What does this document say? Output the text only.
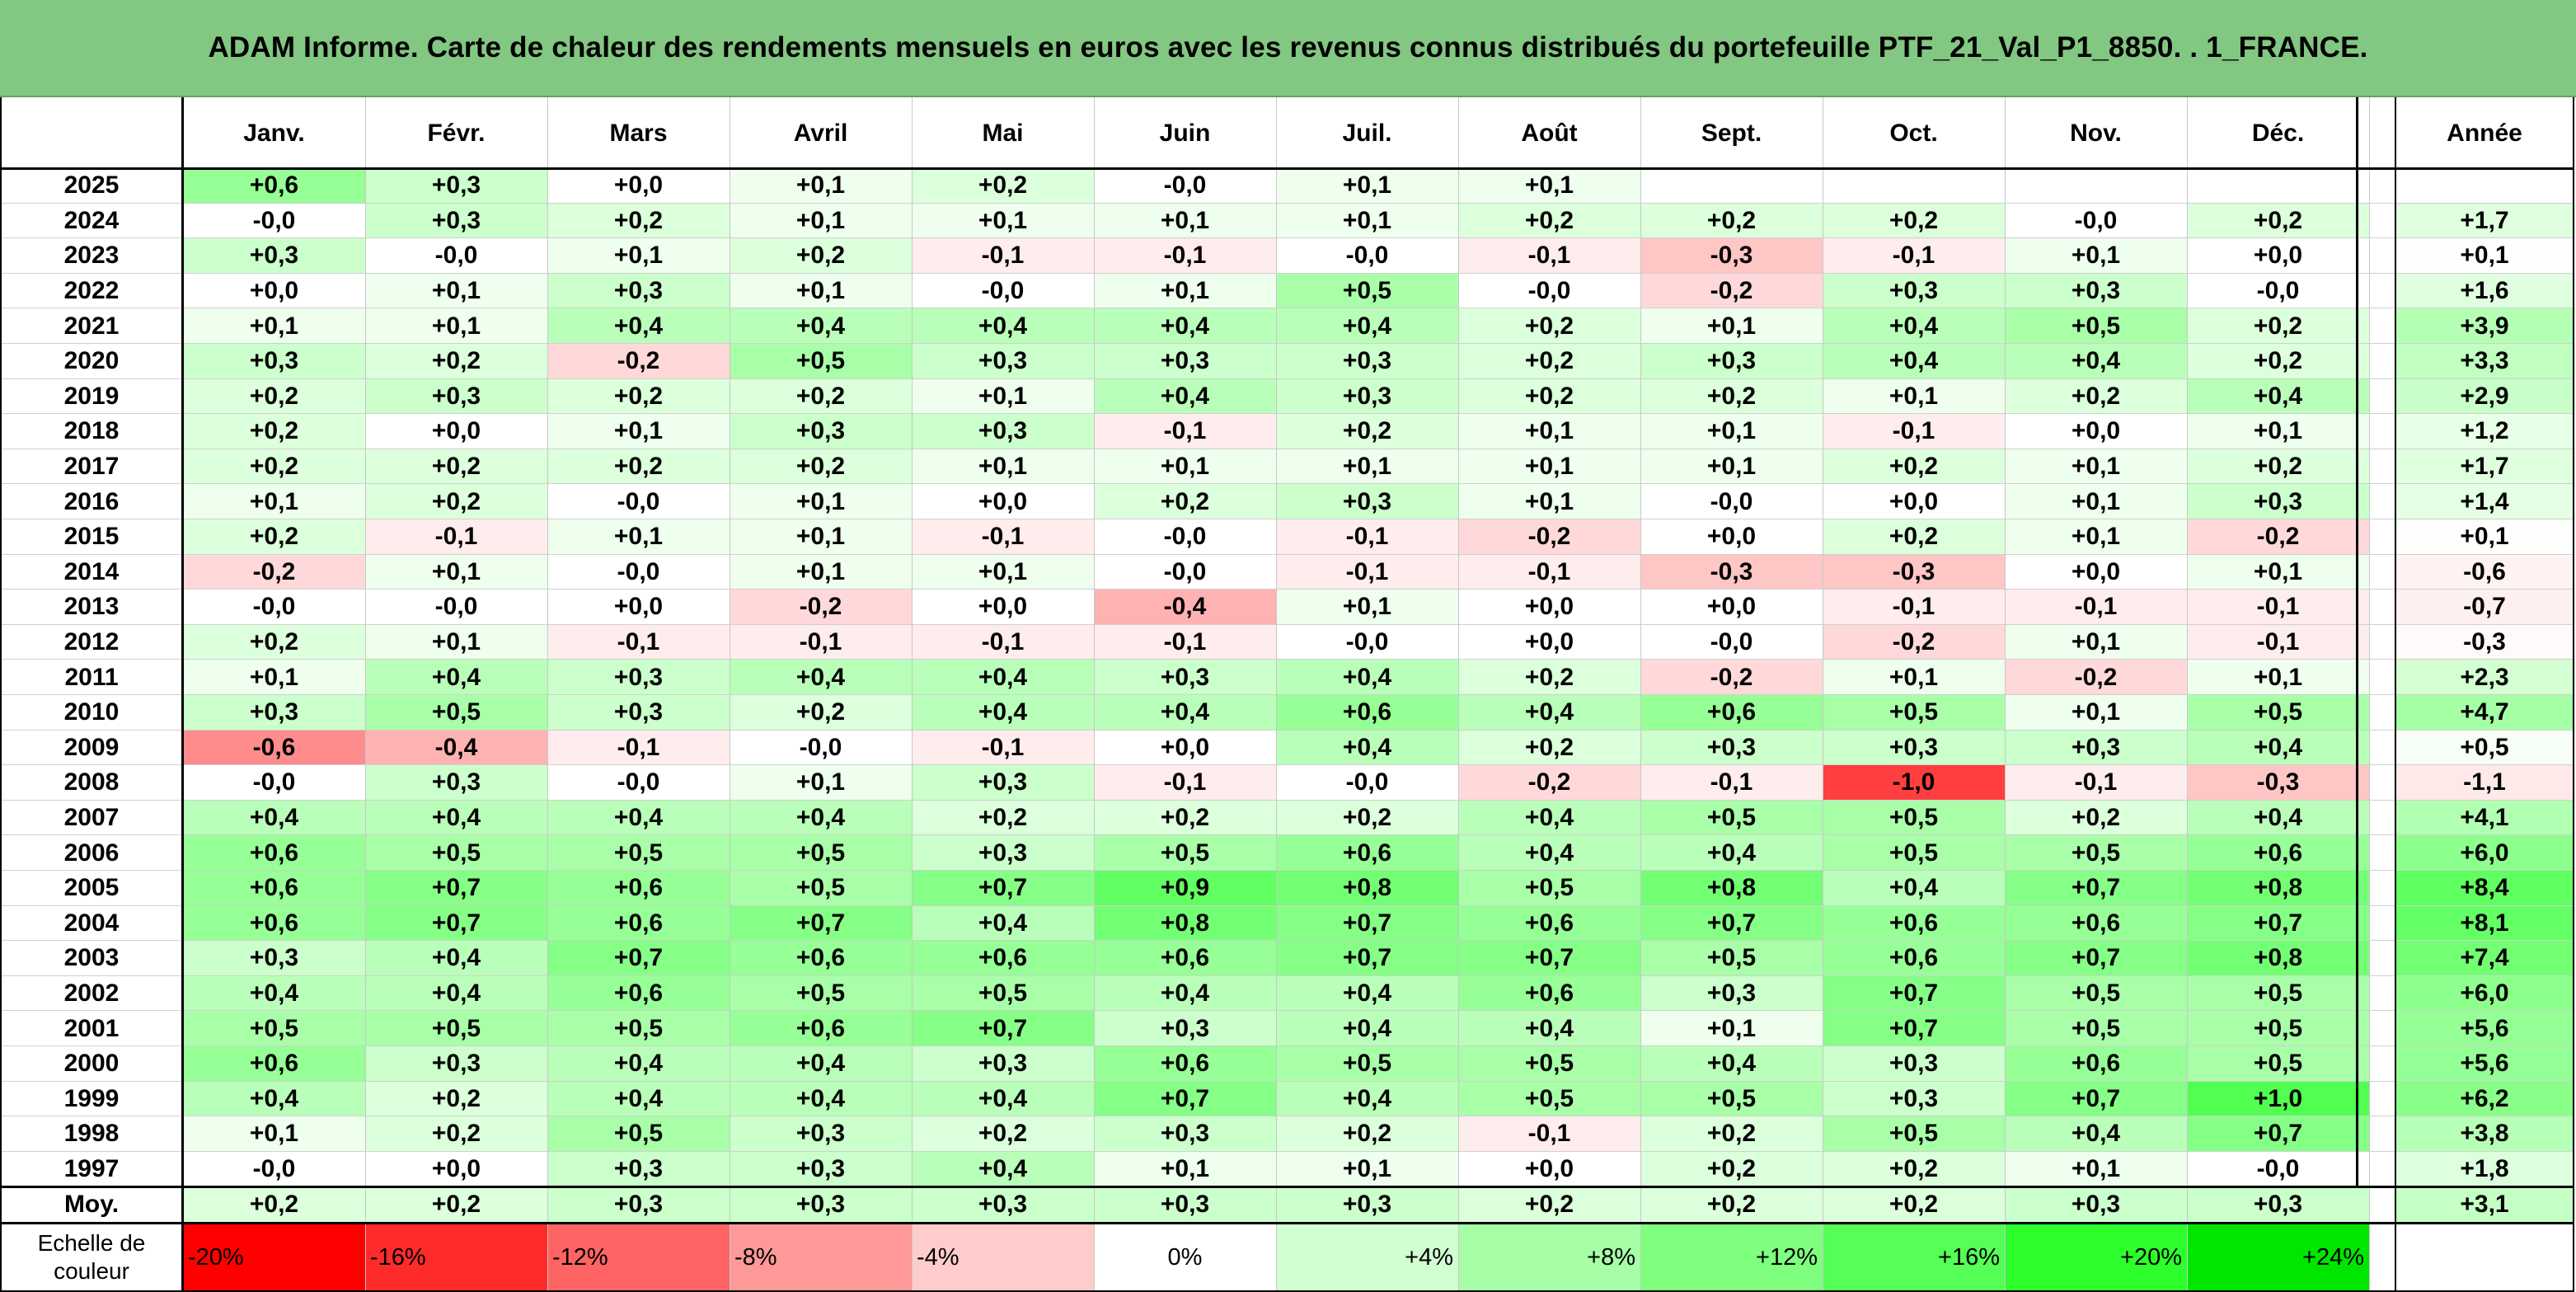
ADAM Informe. Carte de chaleur des rendements mensuels en euros avec les revenus connus distribués du portefeuille PTF_21_Val_P1_8850. . 1_FRANCE.
Janv.	Févr.	Mars	Avril	Mai	Juin	Juil.	Août	Sept.	Oct.	Nov.	Déc.	Année
2025	+0,6	+0,3	+0,0	+0,1	+0,2	-0,0	+0,1	+0,1
2024	-0,0	+0,3	+0,2	+0,1	+0,1	+0,1	+0,1	+0,2	+0,2	+0,2	-0,0	+0,2	+1,7
2023	+0,3	-0,0	+0,1	+0,2	-0,1	-0,1	-0,0	-0,1	-0,3	-0,1	+0,1	+0,0	+0,1
2022	+0,0	+0,1	+0,3	+0,1	-0,0	+0,1	+0,5	-0,0	-0,2	+0,3	+0,3	-0,0	+1,6
2021	+0,1	+0,1	+0,4	+0,4	+0,4	+0,4	+0,4	+0,2	+0,1	+0,4	+0,5	+0,2	+3,9
2020	+0,3	+0,2	-0,2	+0,5	+0,3	+0,3	+0,3	+0,2	+0,3	+0,4	+0,4	+0,2	+3,3
2019	+0,2	+0,3	+0,2	+0,2	+0,1	+0,4	+0,3	+0,2	+0,2	+0,1	+0,2	+0,4	+2,9
2018	+0,2	+0,0	+0,1	+0,3	+0,3	-0,1	+0,2	+0,1	+0,1	-0,1	+0,0	+0,1	+1,2
2017	+0,2	+0,2	+0,2	+0,2	+0,1	+0,1	+0,1	+0,1	+0,1	+0,2	+0,1	+0,2	+1,7
2016	+0,1	+0,2	-0,0	+0,1	+0,0	+0,2	+0,3	+0,1	-0,0	+0,0	+0,1	+0,3	+1,4
2015	+0,2	-0,1	+0,1	+0,1	-0,1	-0,0	-0,1	-0,2	+0,0	+0,2	+0,1	-0,2	+0,1
2014	-0,2	+0,1	-0,0	+0,1	+0,1	-0,0	-0,1	-0,1	-0,3	-0,3	+0,0	+0,1	-0,6
2013	-0,0	-0,0	+0,0	-0,2	+0,0	-0,4	+0,1	+0,0	+0,0	-0,1	-0,1	-0,1	-0,7
2012	+0,2	+0,1	-0,1	-0,1	-0,1	-0,1	-0,0	+0,0	-0,0	-0,2	+0,1	-0,1	-0,3
2011	+0,1	+0,4	+0,3	+0,4	+0,4	+0,3	+0,4	+0,2	-0,2	+0,1	-0,2	+0,1	+2,3
2010	+0,3	+0,5	+0,3	+0,2	+0,4	+0,4	+0,6	+0,4	+0,6	+0,5	+0,1	+0,5	+4,7
2009	-0,6	-0,4	-0,1	-0,0	-0,1	+0,0	+0,4	+0,2	+0,3	+0,3	+0,3	+0,4	+0,5
2008	-0,0	+0,3	-0,0	+0,1	+0,3	-0,1	-0,0	-0,2	-0,1	-1,0	-0,1	-0,3	-1,1
2007	+0,4	+0,4	+0,4	+0,4	+0,2	+0,2	+0,2	+0,4	+0,5	+0,5	+0,2	+0,4	+4,1
2006	+0,6	+0,5	+0,5	+0,5	+0,3	+0,5	+0,6	+0,4	+0,4	+0,5	+0,5	+0,6	+6,0
2005	+0,6	+0,7	+0,6	+0,5	+0,7	+0,9	+0,8	+0,5	+0,8	+0,4	+0,7	+0,8	+8,4
2004	+0,6	+0,7	+0,6	+0,7	+0,4	+0,8	+0,7	+0,6	+0,7	+0,6	+0,6	+0,7	+8,1
2003	+0,3	+0,4	+0,7	+0,6	+0,6	+0,6	+0,7	+0,7	+0,5	+0,6	+0,7	+0,8	+7,4
2002	+0,4	+0,4	+0,6	+0,5	+0,5	+0,4	+0,4	+0,6	+0,3	+0,7	+0,5	+0,5	+6,0
2001	+0,5	+0,5	+0,5	+0,6	+0,7	+0,3	+0,4	+0,4	+0,1	+0,7	+0,5	+0,5	+5,6
2000	+0,6	+0,3	+0,4	+0,4	+0,3	+0,6	+0,5	+0,5	+0,4	+0,3	+0,6	+0,5	+5,6
1999	+0,4	+0,2	+0,4	+0,4	+0,4	+0,7	+0,4	+0,5	+0,5	+0,3	+0,7	+1,0	+6,2
1998	+0,1	+0,2	+0,5	+0,3	+0,2	+0,3	+0,2	-0,1	+0,2	+0,5	+0,4	+0,7	+3,8
1997	-0,0	+0,0	+0,3	+0,3	+0,4	+0,1	+0,1	+0,0	+0,2	+0,2	+0,1	-0,0	+1,8
Moy.	+0,2	+0,2	+0,3	+0,3	+0,3	+0,3	+0,3	+0,2	+0,2	+0,2	+0,3	+0,3	+3,1
Echelle de couleur
-20%	-16%	-12%	-8%	-4%	0%	+4%	+8%	+12%	+16%	+20%	+24%
